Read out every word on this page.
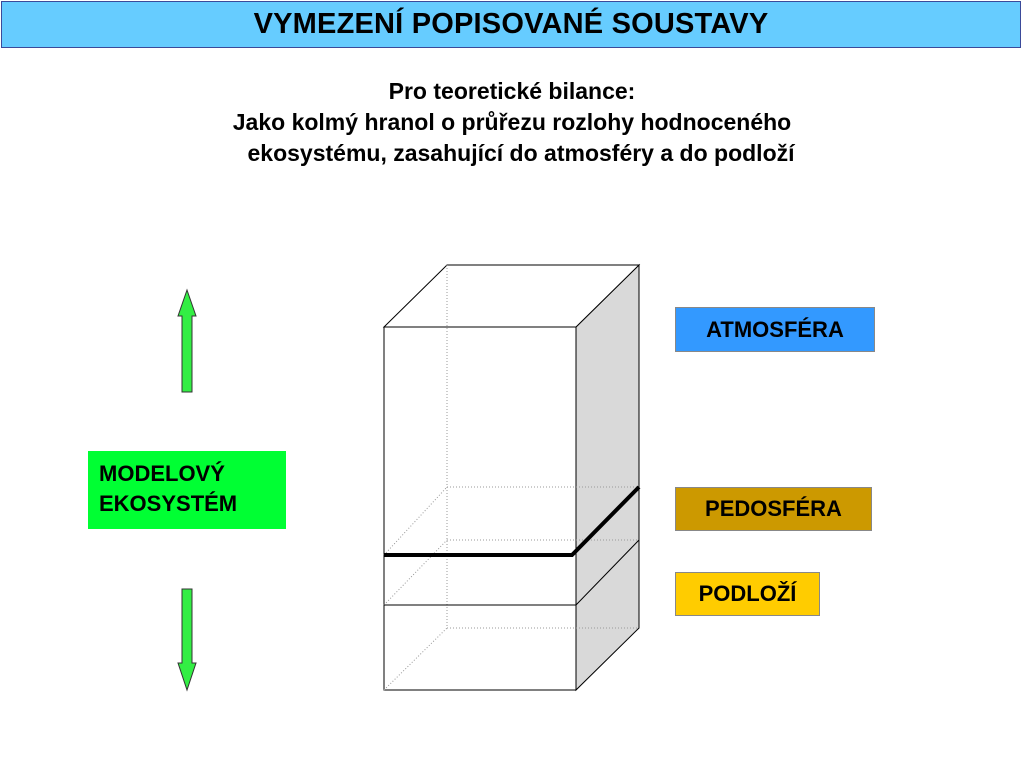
VYMEZENÍ POPISOVANÉ SOUSTAVY
Pro teoretické bilance:
Jako kolmý hranol o průřezu rozlohy hodnoceného
ekosystému, zasahující do atmosféry a do podloží
MODELOVÝ
EKOSYSTÉM
ATMOSFÉRA
PEDOSFÉRA
PODLOŽÍ
